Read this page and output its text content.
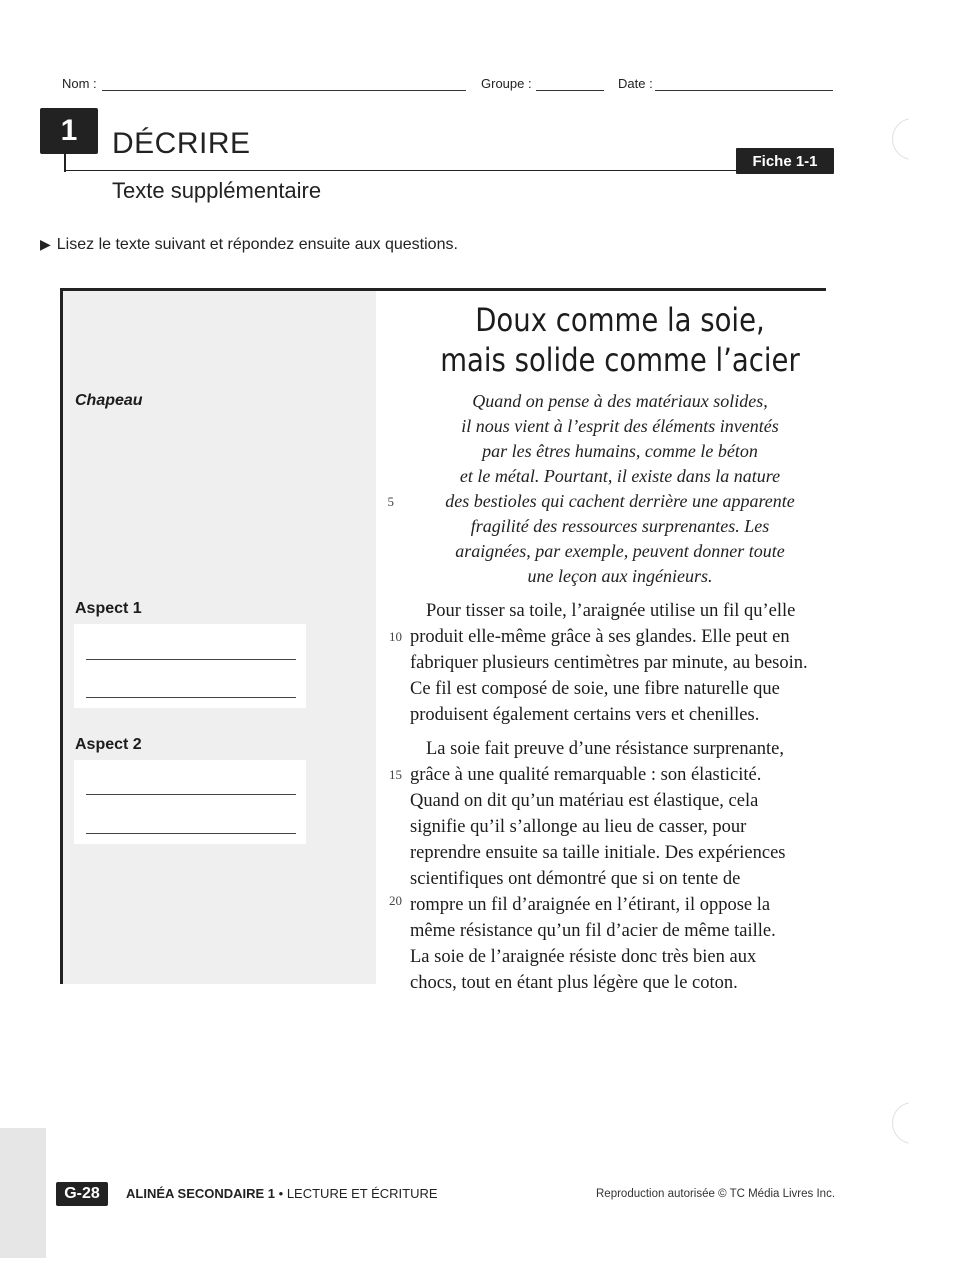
Nom :	Groupe :	Date :
1	DÉCRIRE
Texte supplémentaire
Fiche 1-1
▶ Lisez le texte suivant et répondez ensuite aux questions.
Chapeau
Aspect 1
Aspect 2
Doux comme la soie,
mais solide comme l’acier
Quand on pense à des matériaux solides,
il nous vient à l’esprit des éléments inventés
par les êtres humains, comme le béton
et le métal. Pourtant, il existe dans la nature
des bestioles qui cachent derrière une apparente
fragilité des ressources surprenantes. Les
araignées, par exemple, peuvent donner toute
une leçon aux ingénieurs.
5
Pour tisser sa toile, l’araignée utilise un fil qu’elle
produit elle-même grâce à ses glandes. Elle peut en
fabriquer plusieurs centimètres par minute, au besoin.
Ce fil est composé de soie, une fibre naturelle que
produisent également certains vers et chenilles.
10
La soie fait preuve d’une résistance surprenante,
grâce à une qualité remarquable : son élasticité.
Quand on dit qu’un matériau est élastique, cela
signifie qu’il s’allonge au lieu de casser, pour
reprendre ensuite sa taille initiale. Des expériences
scientifiques ont démontré que si on tente de
rompre un fil d’araignée en l’étirant, il oppose la
même résistance qu’un fil d’acier de même taille.
La soie de l’araignée résiste donc très bien aux
chocs, tout en étant plus légère que le coton.
15
20
G-28	ALINÉA SECONDAIRE 1 • LECTURE ET ÉCRITURE	Reproduction autorisée © TC Média Livres Inc.
